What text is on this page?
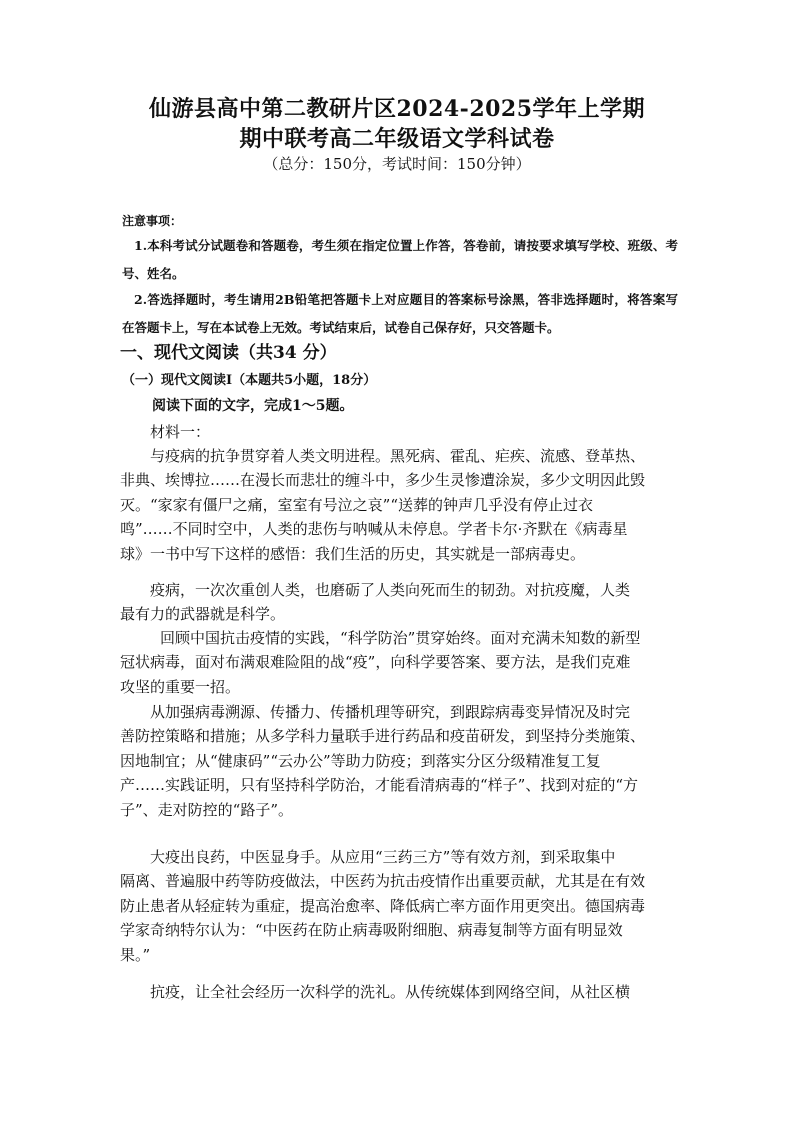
仙游县高中第二教研片区2024-2025学年上学期
期中联考高二年级语文学科试卷
（总分：150分，考试时间：150分钟）
注意事项：
1.本科考试分试题卷和答题卷，考生须在指定位置上作答，答卷前，请按要求填写学校、班级、考号、姓名。
2.答选择题时，考生请用2B铅笔把答题卡上对应题目的答案标号涂黑，答非选择题时，将答案写在答题卡上，写在本试卷上无效。考试结束后，试卷自己保存好，只交答题卡。
一、现代文阅读（共34 分）
（一）现代文阅读Ⅰ（本题共5小题，18分）
阅读下面的文字，完成1～5题。
材料一：
与疫病的抗争贯穿着人类文明进程。黑死病、霍乱、疟疾、流感、登革热、
非典、埃博拉……在漫长而悲壮的缠斗中，多少生灵惨遭涂炭，多少文明因此毁
灭。“家家有僵尸之痛，室室有号泣之哀”“送葬的钟声几乎没有停止过衣
鸣”……不同时空中，人类的悲伤与呐喊从未停息。学者卡尔·齐默在《病毒星
球》一书中写下这样的感悟：我们生活的历史，其实就是一部病毒史。
疫病，一次次重创人类，也磨砺了人类向死而生的韧劲。对抗疫魔，人类
最有力的武器就是科学。
回顾中国抗击疫情的实践，“科学防治”贯穿始终。面对充满未知数的新型
冠状病毒，面对布满艰难险阻的战“疫”，向科学要答案、要方法，是我们克难
攻坚的重要一招。
从加强病毒溯源、传播力、传播机理等研究，到跟踪病毒变异情况及时完
善防控策略和措施；从多学科力量联手进行药品和疫苗研发，到坚持分类施策、
因地制宜；从“健康码”“云办公”等助力防疫；到落实分区分级精准复工复
产……实践证明，只有坚持科学防治，才能看清病毒的“样子”、找到对症的“方
子”、走对防控的“路子”。
大疫出良药，中医显身手。从应用“三药三方”等有效方剂，到采取集中
隔离、普遍服中药等防疫做法，中医药为抗击疫情作出重要贡献，尤其是在有效
防止患者从轻症转为重症，提高治愈率、降低病亡率方面作用更突出。德国病毒
学家奇纳特尔认为：“中医药在防止病毒吸附细胞、病毒复制等方面有明显效
果。”
抗疫，让全社会经历一次科学的洗礼。从传统媒体到网络空间，从社区横
